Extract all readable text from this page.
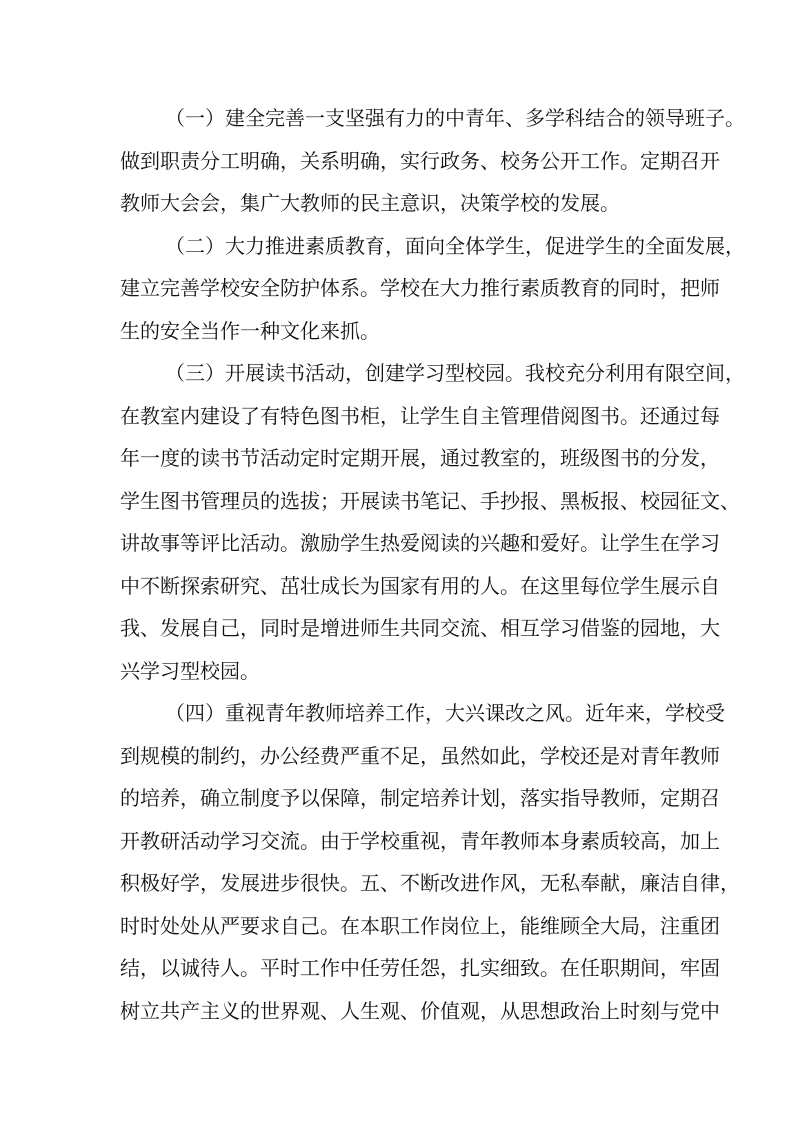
（一）建全完善一支坚强有力的中青年、多学科结合的领导班子。
做到职责分工明确，关系明确，实行政务、校务公开工作。定期召开
教师大会会，集广大教师的民主意识，决策学校的发展。
（二）大力推进素质教育，面向全体学生，促进学生的全面发展，
建立完善学校安全防护体系。学校在大力推行素质教育的同时，把师
生的安全当作一种文化来抓。
（三）开展读书活动，创建学习型校园。我校充分利用有限空间，
在教室内建设了有特色图书柜，让学生自主管理借阅图书。还通过每
年一度的读书节活动定时定期开展，通过教室的，班级图书的分发，
学生图书管理员的选拔；开展读书笔记、手抄报、黑板报、校园征文、
讲故事等评比活动。激励学生热爱阅读的兴趣和爱好。让学生在学习
中不断探索研究、茁壮成长为国家有用的人。在这里每位学生展示自
我、发展自己，同时是增进师生共同交流、相互学习借鉴的园地，大
兴学习型校园。
（四）重视青年教师培养工作，大兴课改之风。近年来，学校受
到规模的制约，办公经费严重不足，虽然如此，学校还是对青年教师
的培养，确立制度予以保障，制定培养计划，落实指导教师，定期召
开教研活动学习交流。由于学校重视，青年教师本身素质较高，加上
积极好学，发展进步很快。五、不断改进作风，无私奉献，廉洁自律，
时时处处从严要求自己。在本职工作岗位上，能维顾全大局，注重团
结，以诚待人。平时工作中任劳任怨，扎实细致。在任职期间，牢固
树立共产主义的世界观、人生观、价值观，从思想政治上时刻与党中
